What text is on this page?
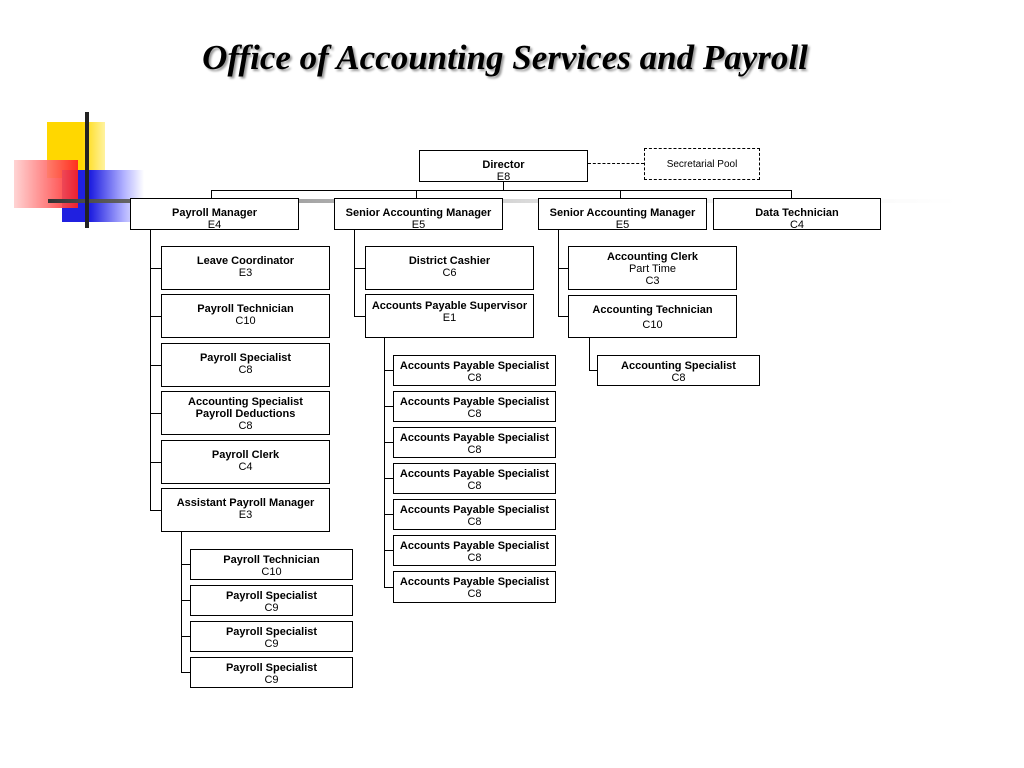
Office of Accounting Services and Payroll
Director
E8
Secretarial Pool
Payroll Manager
E4
Senior Accounting Manager
E5
Senior Accounting Manager
E5
Data Technician
C4
Leave Coordinator
E3
Payroll Technician
C10
Payroll Specialist
C8
Accounting Specialist
Payroll Deductions
C8
Payroll Clerk
C4
Assistant Payroll Manager
E3
Payroll Technician
C10
Payroll Specialist
C9
Payroll Specialist
C9
Payroll Specialist
C9
District Cashier
C6
Accounts Payable Supervisor
E1
Accounts Payable Specialist
C8
Accounts Payable Specialist
C8
Accounts Payable Specialist
C8
Accounts Payable Specialist
C8
Accounts Payable Specialist
C8
Accounts Payable Specialist
C8
Accounts Payable Specialist
C8
Accounting Clerk
Part Time
C3
Accounting Technician
C10
Accounting Specialist
C8
